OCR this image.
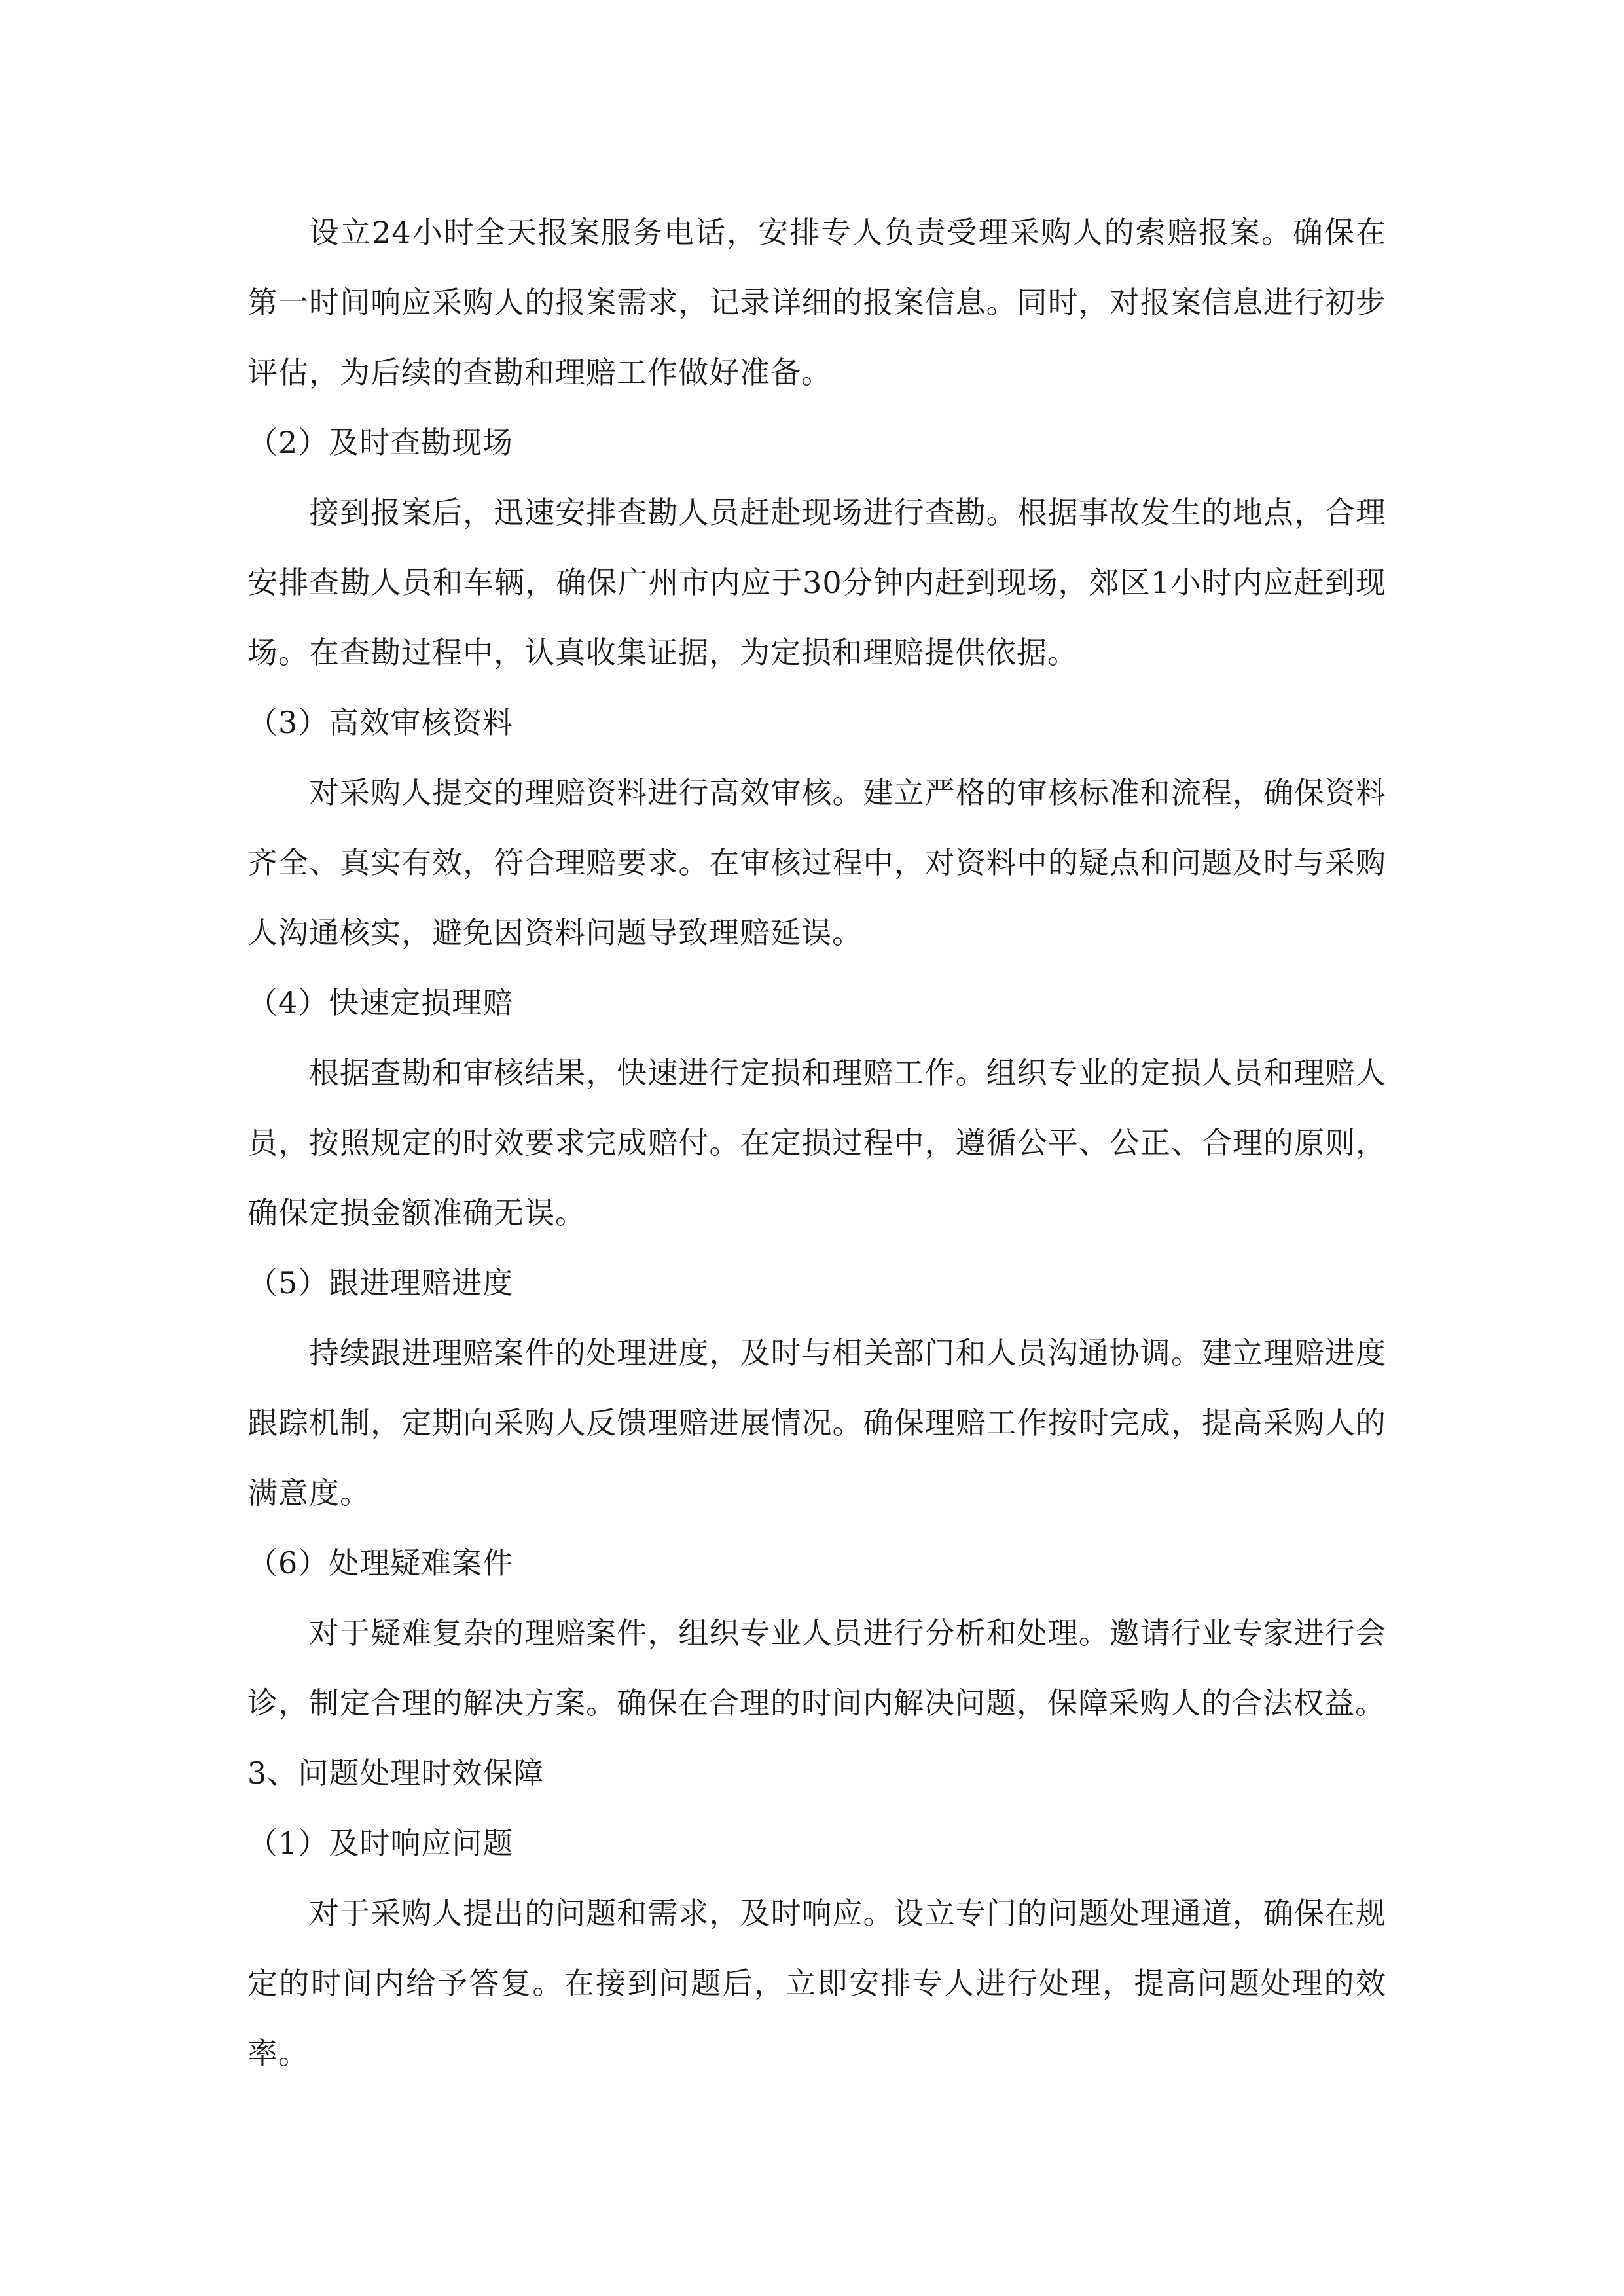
设立24小时全天报案服务电话，安排专人负责受理采购人的索赔报案。确保在第一时间响应采购人的报案需求，记录详细的报案信息。同时，对报案信息进行初步评估，为后续的查勘和理赔工作做好准备。

（2）及时查勘现场

接到报案后，迅速安排查勘人员赶赴现场进行查勘。根据事故发生的地点，合理安排查勘人员和车辆，确保广州市内应于30分钟内赶到现场，郊区1小时内应赶到现场。在查勘过程中，认真收集证据，为定损和理赔提供依据。

（3）高效审核资料

对采购人提交的理赔资料进行高效审核。建立严格的审核标准和流程，确保资料齐全、真实有效，符合理赔要求。在审核过程中，对资料中的疑点和问题及时与采购人沟通核实，避免因资料问题导致理赔延误。

（4）快速定损理赔

根据查勘和审核结果，快速进行定损和理赔工作。组织专业的定损人员和理赔人员，按照规定的时效要求完成赔付。在定损过程中，遵循公平、公正、合理的原则，确保定损金额准确无误。

（5）跟进理赔进度

持续跟进理赔案件的处理进度，及时与相关部门和人员沟通协调。建立理赔进度跟踪机制，定期向采购人反馈理赔进展情况。确保理赔工作按时完成，提高采购人的满意度。

（6）处理疑难案件

对于疑难复杂的理赔案件，组织专业人员进行分析和处理。邀请行业专家进行会诊，制定合理的解决方案。确保在合理的时间内解决问题，保障采购人的合法权益。

3、问题处理时效保障

（1）及时响应问题

对于采购人提出的问题和需求，及时响应。设立专门的问题处理通道，确保在规定的时间内给予答复。在接到问题后，立即安排专人进行处理，提高问题处理的效率。
